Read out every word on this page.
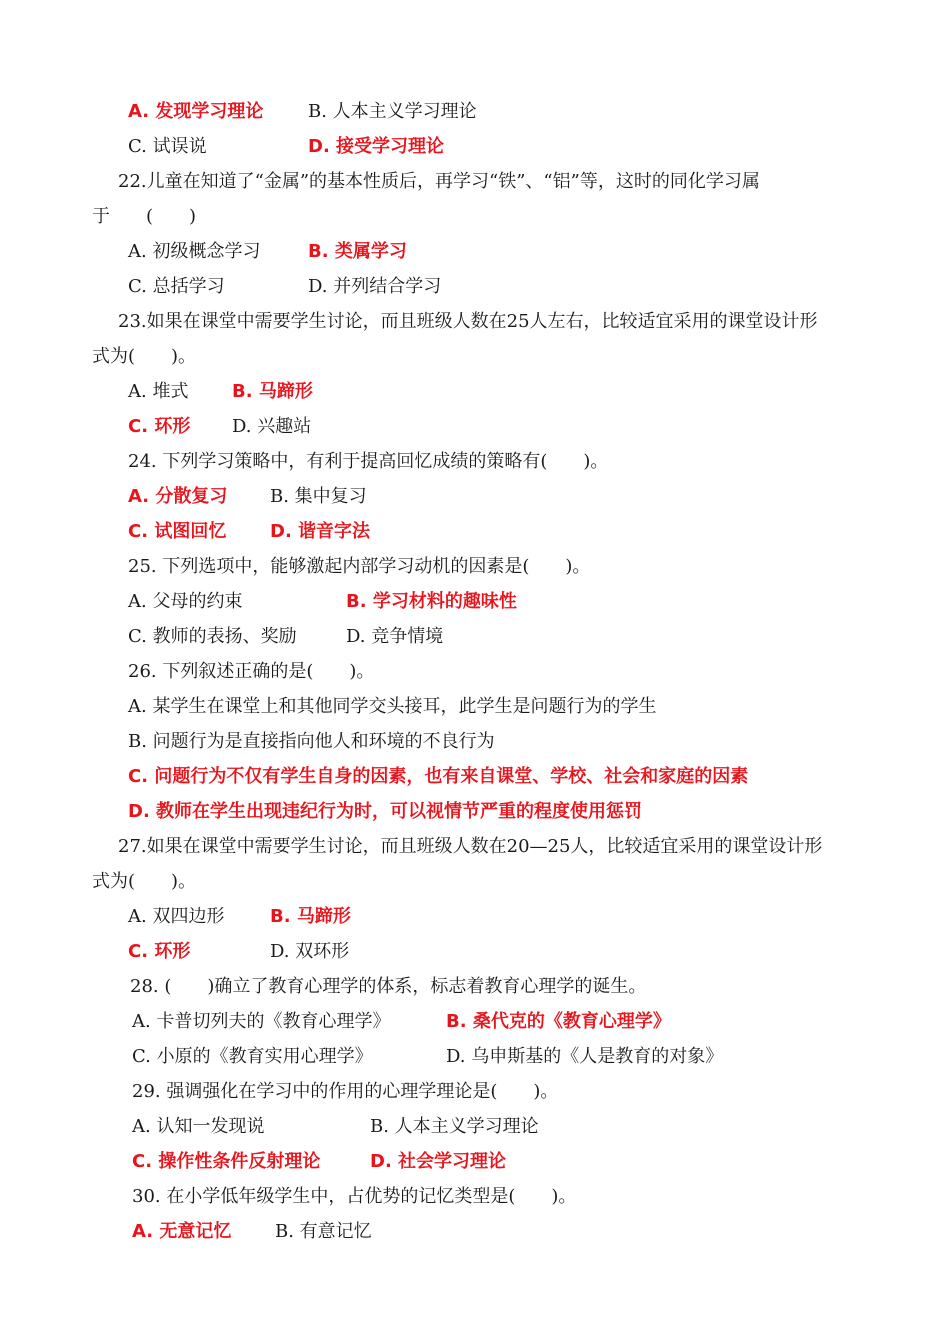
A. 发现学习理论 B. 人本主义学习理论
C. 试误说	D. 接受学习理论
22.儿童在知道了“金属”的基本性质后，再学习“铁”、“铝”等，这时的同化学习属
于　　(　　)
A. 初级概念学习	B. 类属学习
C. 总括学习	D. 并列结合学习
23.如果在课堂中需要学生讨论，而且班级人数在25人左右，比较适宜采用的课堂设计形
式为(　　)。
A. 堆式 B. 马蹄形
C. 环形 D. 兴趣站
24. 下列学习策略中，有利于提高回忆成绩的策略有(　　)。
A. 分散复习 B. 集中复习
C. 试图回忆 D. 谐音字法
25. 下列选项中，能够激起内部学习动机的因素是(　　)。
A. 父母的约束	B. 学习材料的趣味性
C. 教师的表扬、奖励	D. 竞争情境
26. 下列叙述正确的是(　　)。
A. 某学生在课堂上和其他同学交头接耳，此学生是问题行为的学生
B. 问题行为是直接指向他人和环境的不良行为
C. 问题行为不仅有学生自身的因素，也有来自课堂、学校、社会和家庭的因素
D. 教师在学生出现违纪行为时，可以视情节严重的程度使用惩罚
27.如果在课堂中需要学生讨论，而且班级人数在20—25人，比较适宜采用的课堂设计形
式为(　　)。
A. 双四边形	B. 马蹄形
C. 环形	D. 双环形
28. (　　)确立了教育心理学的体系，标志着教育心理学的诞生。
A. 卡普切列夫的《教育心理学》	B. 桑代克的《教育心理学》
C. 小原的《教育实用心理学》	D. 乌申斯基的《人是教育的对象》
29. 强调强化在学习中的作用的心理学理论是(　　)。
A. 认知一发现说	B. 人本主义学习理论
C. 操作性条件反射理论	D. 社会学习理论
30. 在小学低年级学生中，占优势的记忆类型是(　　)。
A. 无意记忆 B. 有意记忆
